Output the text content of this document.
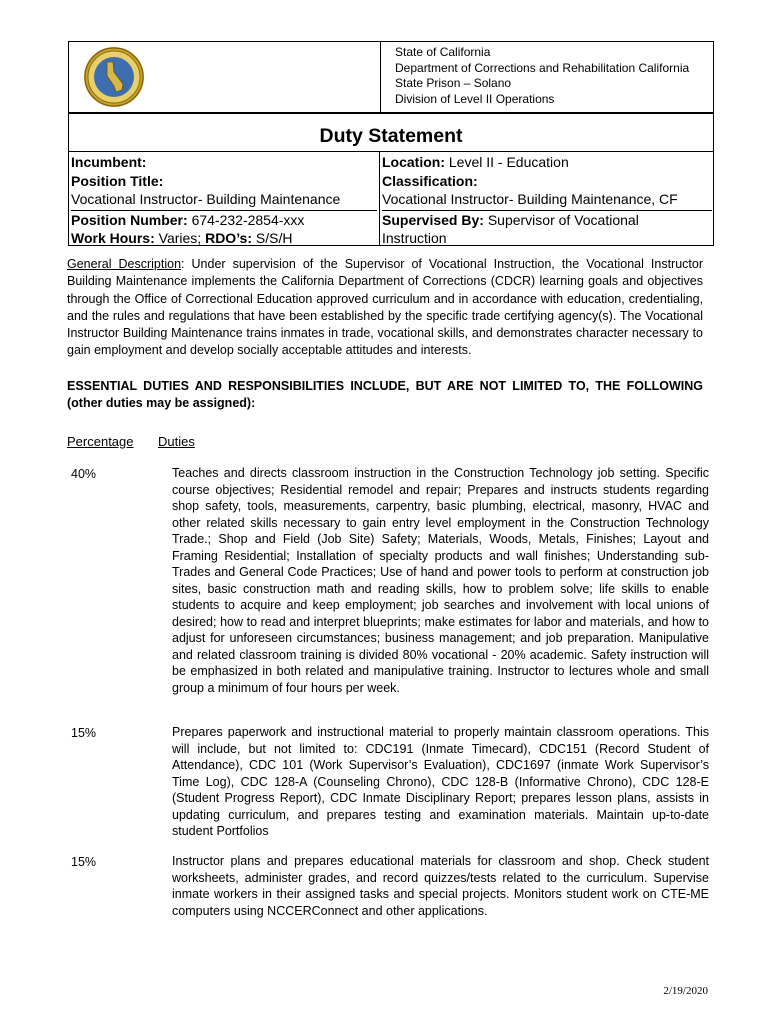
State of California
Department of Corrections and Rehabilitation California
State Prison – Solano
Division of Level II Operations
Duty Statement
Incumbent:
Position Title:
Vocational Instructor- Building Maintenance
Position Number: 674-232-2854-xxx
Work Hours: Varies; RDO’s: S/S/H
Location: Level II - Education
Classification:
Vocational Instructor- Building Maintenance, CF
Supervised By: Supervisor of Vocational
Instruction
General Description: Under supervision of the Supervisor of Vocational Instruction, the Vocational Instructor Building Maintenance implements the California Department of Corrections (CDCR) learning goals and objectives through the Office of Correctional Education approved curriculum and in accordance with education, credentialing, and the rules and regulations that have been established by the specific trade certifying agency(s). The Vocational Instructor Building Maintenance trains inmates in trade, vocational skills, and demonstrates character necessary to gain employment and develop socially acceptable attitudes and interests.
ESSENTIAL DUTIES AND RESPONSIBILITIES INCLUDE, BUT ARE NOT LIMITED TO, THE FOLLOWING (other duties may be assigned):
Percentage Duties
40%	Teaches and directs classroom instruction in the Construction Technology job setting. Specific course objectives; Residential remodel and repair; Prepares and instructs students regarding shop safety, tools, measurements, carpentry, basic plumbing, electrical, masonry, HVAC and other related skills necessary to gain entry level employment in the Construction Technology Trade.; Shop and Field (Job Site) Safety; Materials, Woods, Metals, Finishes; Layout and Framing Residential; Installation of specialty products and wall finishes; Understanding sub-Trades and General Code Practices; Use of hand and power tools to perform at construction job sites, basic construction math and reading skills, how to problem solve; life skills to enable students to acquire and keep employment; job searches and involvement with local unions of desired; how to read and interpret blueprints; make estimates for labor and materials, and how to adjust for unforeseen circumstances; business management; and job preparation. Manipulative and related classroom training is divided 80% vocational - 20% academic. Safety instruction will be emphasized in both related and manipulative training. Instructor to lectures whole and small group a minimum of four hours per week.
15%	Prepares paperwork and instructional material to properly maintain classroom operations. This will include, but not limited to: CDC191 (Inmate Timecard), CDC151 (Record Student of Attendance), CDC 101 (Work Supervisor’s Evaluation), CDC1697 (inmate Work Supervisor’s Time Log), CDC 128-A (Counseling Chrono), CDC 128-B (Informative Chrono), CDC 128-E (Student Progress Report), CDC Inmate Disciplinary Report; prepares lesson plans, assists in updating curriculum, and prepares testing and examination materials. Maintain up-to-date student Portfolios
15%	Instructor plans and prepares educational materials for classroom and shop. Check student worksheets, administer grades, and record quizzes/tests related to the curriculum. Supervise inmate workers in their assigned tasks and special projects. Monitors student work on CTE-ME computers using NCCERConnect and other applications.
2/19/2020
